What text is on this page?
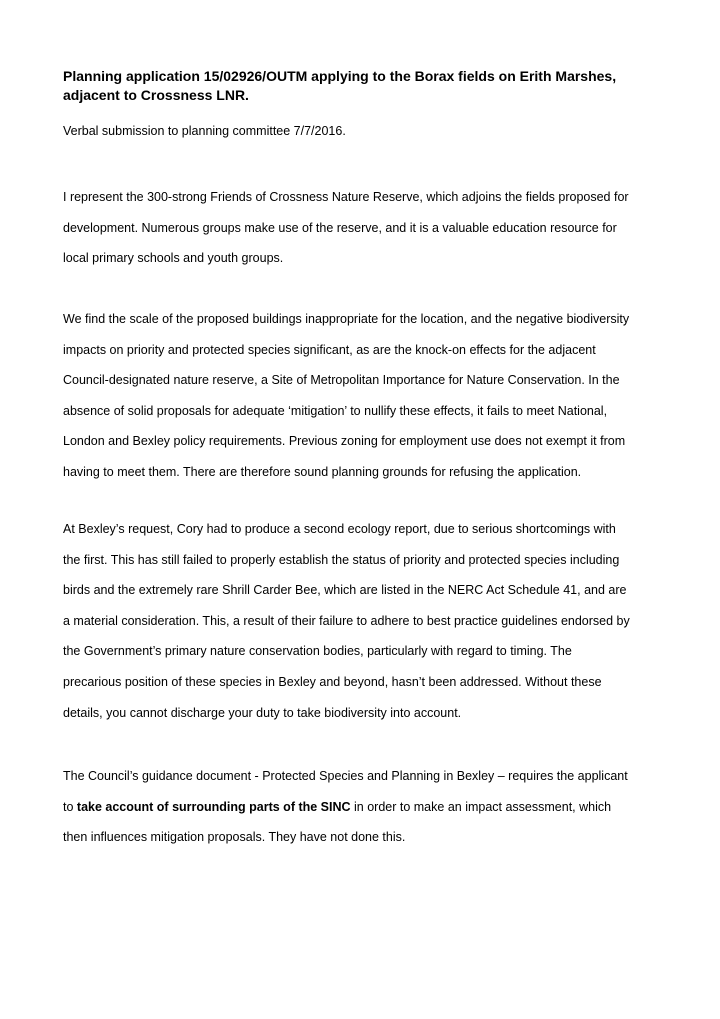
Planning application 15/02926/OUTM applying to the Borax fields on Erith Marshes, adjacent to Crossness LNR.

Verbal submission to planning committee 7/7/2016.

I represent the 300-strong Friends of Crossness Nature Reserve, which adjoins the fields proposed for
development. Numerous groups make use of the reserve, and it is a valuable education resource for
local primary schools and youth groups.

We find the scale of the proposed buildings inappropriate for the location, and the negative biodiversity
impacts on priority and protected species significant, as are the knock-on effects for the adjacent
Council-designated nature reserve, a Site of Metropolitan Importance for Nature Conservation. In the
absence of solid proposals for adequate ‘mitigation’ to nullify these effects, it fails to meet National,
London and Bexley policy requirements. Previous zoning for employment use does not exempt it from
having to meet them. There are therefore sound planning grounds for refusing the application.

At Bexley’s request, Cory had to produce a second ecology report, due to serious shortcomings with
the first. This has still failed to properly establish the status of priority and protected species including
birds and the extremely rare Shrill Carder Bee, which are listed in the NERC Act Schedule 41, and are
a material consideration. This, a result of their failure to adhere to best practice guidelines endorsed by
the Government’s primary nature conservation bodies, particularly with regard to timing. The
precarious position of these species in Bexley and beyond, hasn’t been addressed. Without these
details, you cannot discharge your duty to take biodiversity into account.

The Council’s guidance document - Protected Species and Planning in Bexley – requires the applicant
to take account of surrounding parts of the SINC in order to make an impact assessment, which
then influences mitigation proposals. They have not done this.
